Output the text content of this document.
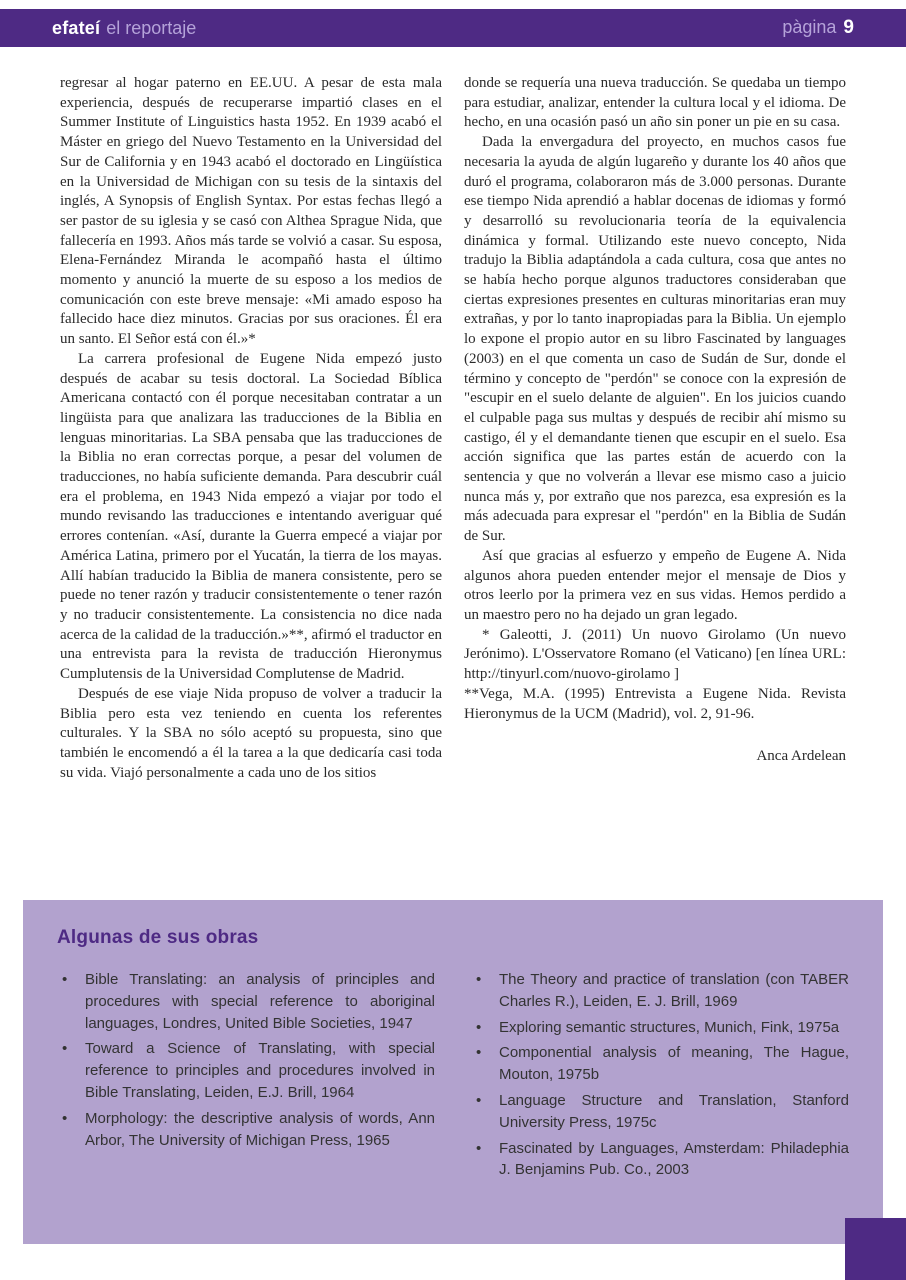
efateí el reportaje	pàgina 9

regresar al hogar paterno en EE.UU. A pesar de esta mala experiencia, después de recuperarse impartió clases en el Summer Institute of Linguistics hasta 1952. En 1939 acabó el Máster en griego del Nuevo Testamento en la Universidad del Sur de California y en 1943 acabó el doctorado en Lingüística en la Universidad de Michigan con su tesis de la sintaxis del inglés, A Synopsis of English Syntax. Por estas fechas llegó a ser pastor de su iglesia y se casó con Althea Sprague Nida, que fallecería en 1993. Años más tarde se volvió a casar. Su esposa, Elena-Fernández Miranda le acompañó hasta el último momento y anunció la muerte de su esposo a los medios de comunicación con este breve mensaje: «Mi amado esposo ha fallecido hace diez minutos. Gracias por sus oraciones. Él era un santo. El Señor está con él.»*

La carrera profesional de Eugene Nida empezó justo después de acabar su tesis doctoral. La Sociedad Bíblica Americana contactó con él porque necesitaban contratar a un lingüista para que analizara las traducciones de la Biblia en lenguas minoritarias. La SBA pensaba que las traducciones de la Biblia no eran correctas porque, a pesar del volumen de traducciones, no había suficiente demanda. Para descubrir cuál era el problema, en 1943 Nida empezó a viajar por todo el mundo revisando las traducciones e intentando averiguar qué errores contenían. «Así, durante la Guerra empecé a viajar por América Latina, primero por el Yucatán, la tierra de los mayas. Allí habían traducido la Biblia de manera consistente, pero se puede no tener razón y traducir consistentemente o tener razón y no traducir consistentemente. La consistencia no dice nada acerca de la calidad de la traducción.»**, afirmó el traductor en una entrevista para la revista de traducción Hieronymus Cumplutensis de la Universidad Complutense de Madrid.

Después de ese viaje Nida propuso de volver a traducir la Biblia pero esta vez teniendo en cuenta los referentes culturales. Y la SBA no sólo aceptó su propuesta, sino que también le encomendó a él la tarea a la que dedicaría casi toda su vida. Viajó personalmente a cada uno de los sitios

donde se requería una nueva traducción. Se quedaba un tiempo para estudiar, analizar, entender la cultura local y el idioma. De hecho, en una ocasión pasó un año sin poner un pie en su casa.

Dada la envergadura del proyecto, en muchos casos fue necesaria la ayuda de algún lugareño y durante los 40 años que duró el programa, colaboraron más de 3.000 personas. Durante ese tiempo Nida aprendió a hablar docenas de idiomas y formó y desarrolló su revolucionaria teoría de la equivalencia dinámica y formal. Utilizando este nuevo concepto, Nida tradujo la Biblia adaptándola a cada cultura, cosa que antes no se había hecho porque algunos traductores consideraban que ciertas expresiones presentes en culturas minoritarias eran muy extrañas, y por lo tanto inapropiadas para la Biblia. Un ejemplo lo expone el propio autor en su libro Fascinated by languages (2003) en el que comenta un caso de Sudán de Sur, donde el término y concepto de "perdón" se conoce con la expresión de "escupir en el suelo delante de alguien". En los juicios cuando el culpable paga sus multas y después de recibir ahí mismo su castigo, él y el demandante tienen que escupir en el suelo. Esa acción significa que las partes están de acuerdo con la sentencia y que no volverán a llevar ese mismo caso a juicio nunca más y, por extraño que nos parezca, esa expresión es la más adecuada para expresar el "perdón" en la Biblia de Sudán de Sur.

Así que gracias al esfuerzo y empeño de Eugene A. Nida algunos ahora pueden entender mejor el mensaje de Dios y otros leerlo por la primera vez en sus vidas. Hemos perdido a un maestro pero no ha dejado un gran legado.

* Galeotti, J. (2011) Un nuovo Girolamo (Un nuevo Jerónimo). L'Osservatore Romano (el Vaticano) [en línea URL: http://tinyurl.com/nuovo-girolamo ]

**Vega, M.A. (1995) Entrevista a Eugene Nida. Revista Hieronymus de la UCM (Madrid), vol. 2, 91-96.

Anca Ardelean

Algunas de sus obras
• Bible Translating: an analysis of principles and procedures with special reference to aboriginal languages, Londres, United Bible Societies, 1947
• Toward a Science of Translating, with special reference to principles and procedures involved in Bible Translating, Leiden, E.J. Brill, 1964
• Morphology: the descriptive analysis of words, Ann Arbor, The University of Michigan Press, 1965
• The Theory and practice of translation (con TABER Charles R.), Leiden, E. J. Brill, 1969
• Exploring semantic structures, Munich, Fink, 1975a
• Componential analysis of meaning, The Hague, Mouton, 1975b
• Language Structure and Translation, Stanford University Press, 1975c
• Fascinated by Languages, Amsterdam: Philadephia J. Benjamins Pub. Co., 2003
